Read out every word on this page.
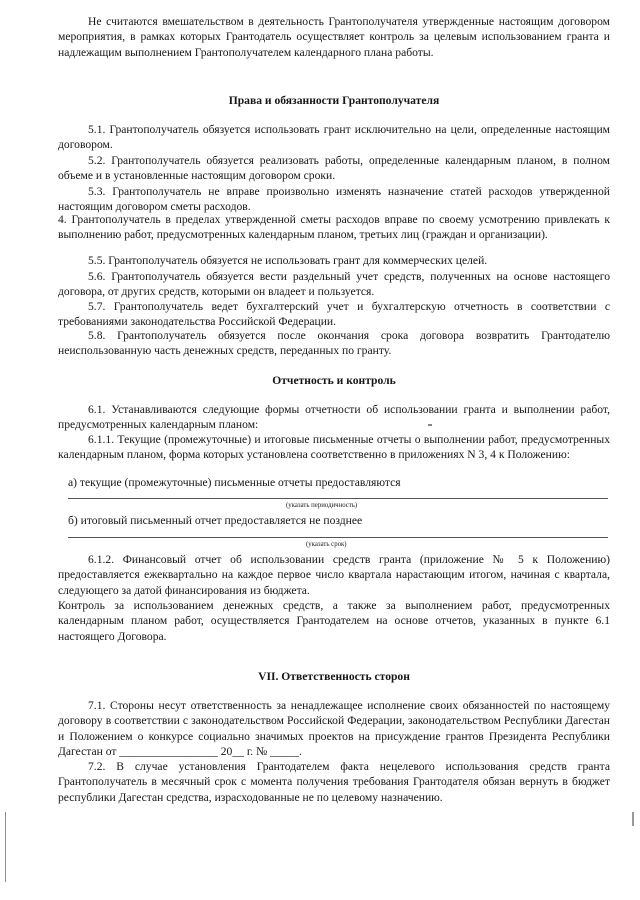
Не считаются вмешательством в деятельность Грантополучателя утвержденные настоящим договором мероприятия, в рамках которых Грантодатель осуществляет контроль за целевым использованием гранта и надлежащим выполнением Грантополучателем календарного плана работы.

Права и обязанности Грантополучателя

5.1. Грантополучатель обязуется использовать грант исключительно на цели, определенные настоящим договором.

5.2. Грантополучатель обязуется реализовать работы, определенные календарным планом, в полном объеме и в установленные настоящим договором сроки.

5.3. Грантополучатель не вправе произвольно изменять назначение статей расходов утвержденной настоящим договором сметы расходов.

4. Грантополучатель в пределах утвержденной сметы расходов вправе по своему усмотрению привлекать к выполнению работ, предусмотренных календарным планом, третьих лиц (граждан и организации).

5.5. Грантополучатель обязуется не использовать грант для коммерческих целей.

5.6. Грантополучатель обязуется вести раздельный учет средств, полученных на основе настоящего договора, от других средств, которыми он владеет и пользуется.

5.7. Грантополучатель ведет бухгалтерский учет и бухгалтерскую отчетность в соответствии с требованиями законодательства Российской Федерации.

5.8. Грантополучатель обязуется после окончания срока договора возвратить Грантодателю неиспользованную часть денежных средств, переданных по гранту.

Отчетность и контроль

6.1. Устанавливаются следующие формы отчетности об использовании гранта и выполнении работ, предусмотренных календарным планом:

6.1.1. Текущие (промежуточные) и итоговые письменные отчеты о выполнении работ, предусмотренных календарным планом, форма которых установлена соответственно в приложениях N 3, 4 к Положению:

а) текущие (промежуточные) письменные отчеты предоставляются

(указать периодичность)

б) итоговый письменный отчет предоставляется не позднее

(указать срок)

6.1.2. Финансовый отчет об использовании средств гранта (приложение № 5 к Положению) предоставляется ежеквартально на каждое первое число квартала нарастающим итогом, начиная с квартала, следующего за датой финансирования из бюджета.

Контроль за использованием денежных средств, а также за выполнением работ, предусмотренных календарным планом работ, осуществляется Грантодателем на основе отчетов, указанных в пункте 6.1 настоящего Договора.

VII. Ответственность сторон

7.1. Стороны несут ответственность за ненадлежащее исполнение своих обязанностей по настоящему договору в соответствии с законодательством Российской Федерации, законодательством Республики Дагестан и Положением о конкурсе социально значимых проектов на присуждение грантов Президента Республики Дагестан от _________________ 20__ г. № _____.

7.2. В случае установления Грантодателем факта нецелевого использования средств гранта Грантополучатель в месячный срок с момента получения требования Грантодателя обязан вернуть в бюджет республики Дагестан средства, израсходованные не по целевому назначению.
